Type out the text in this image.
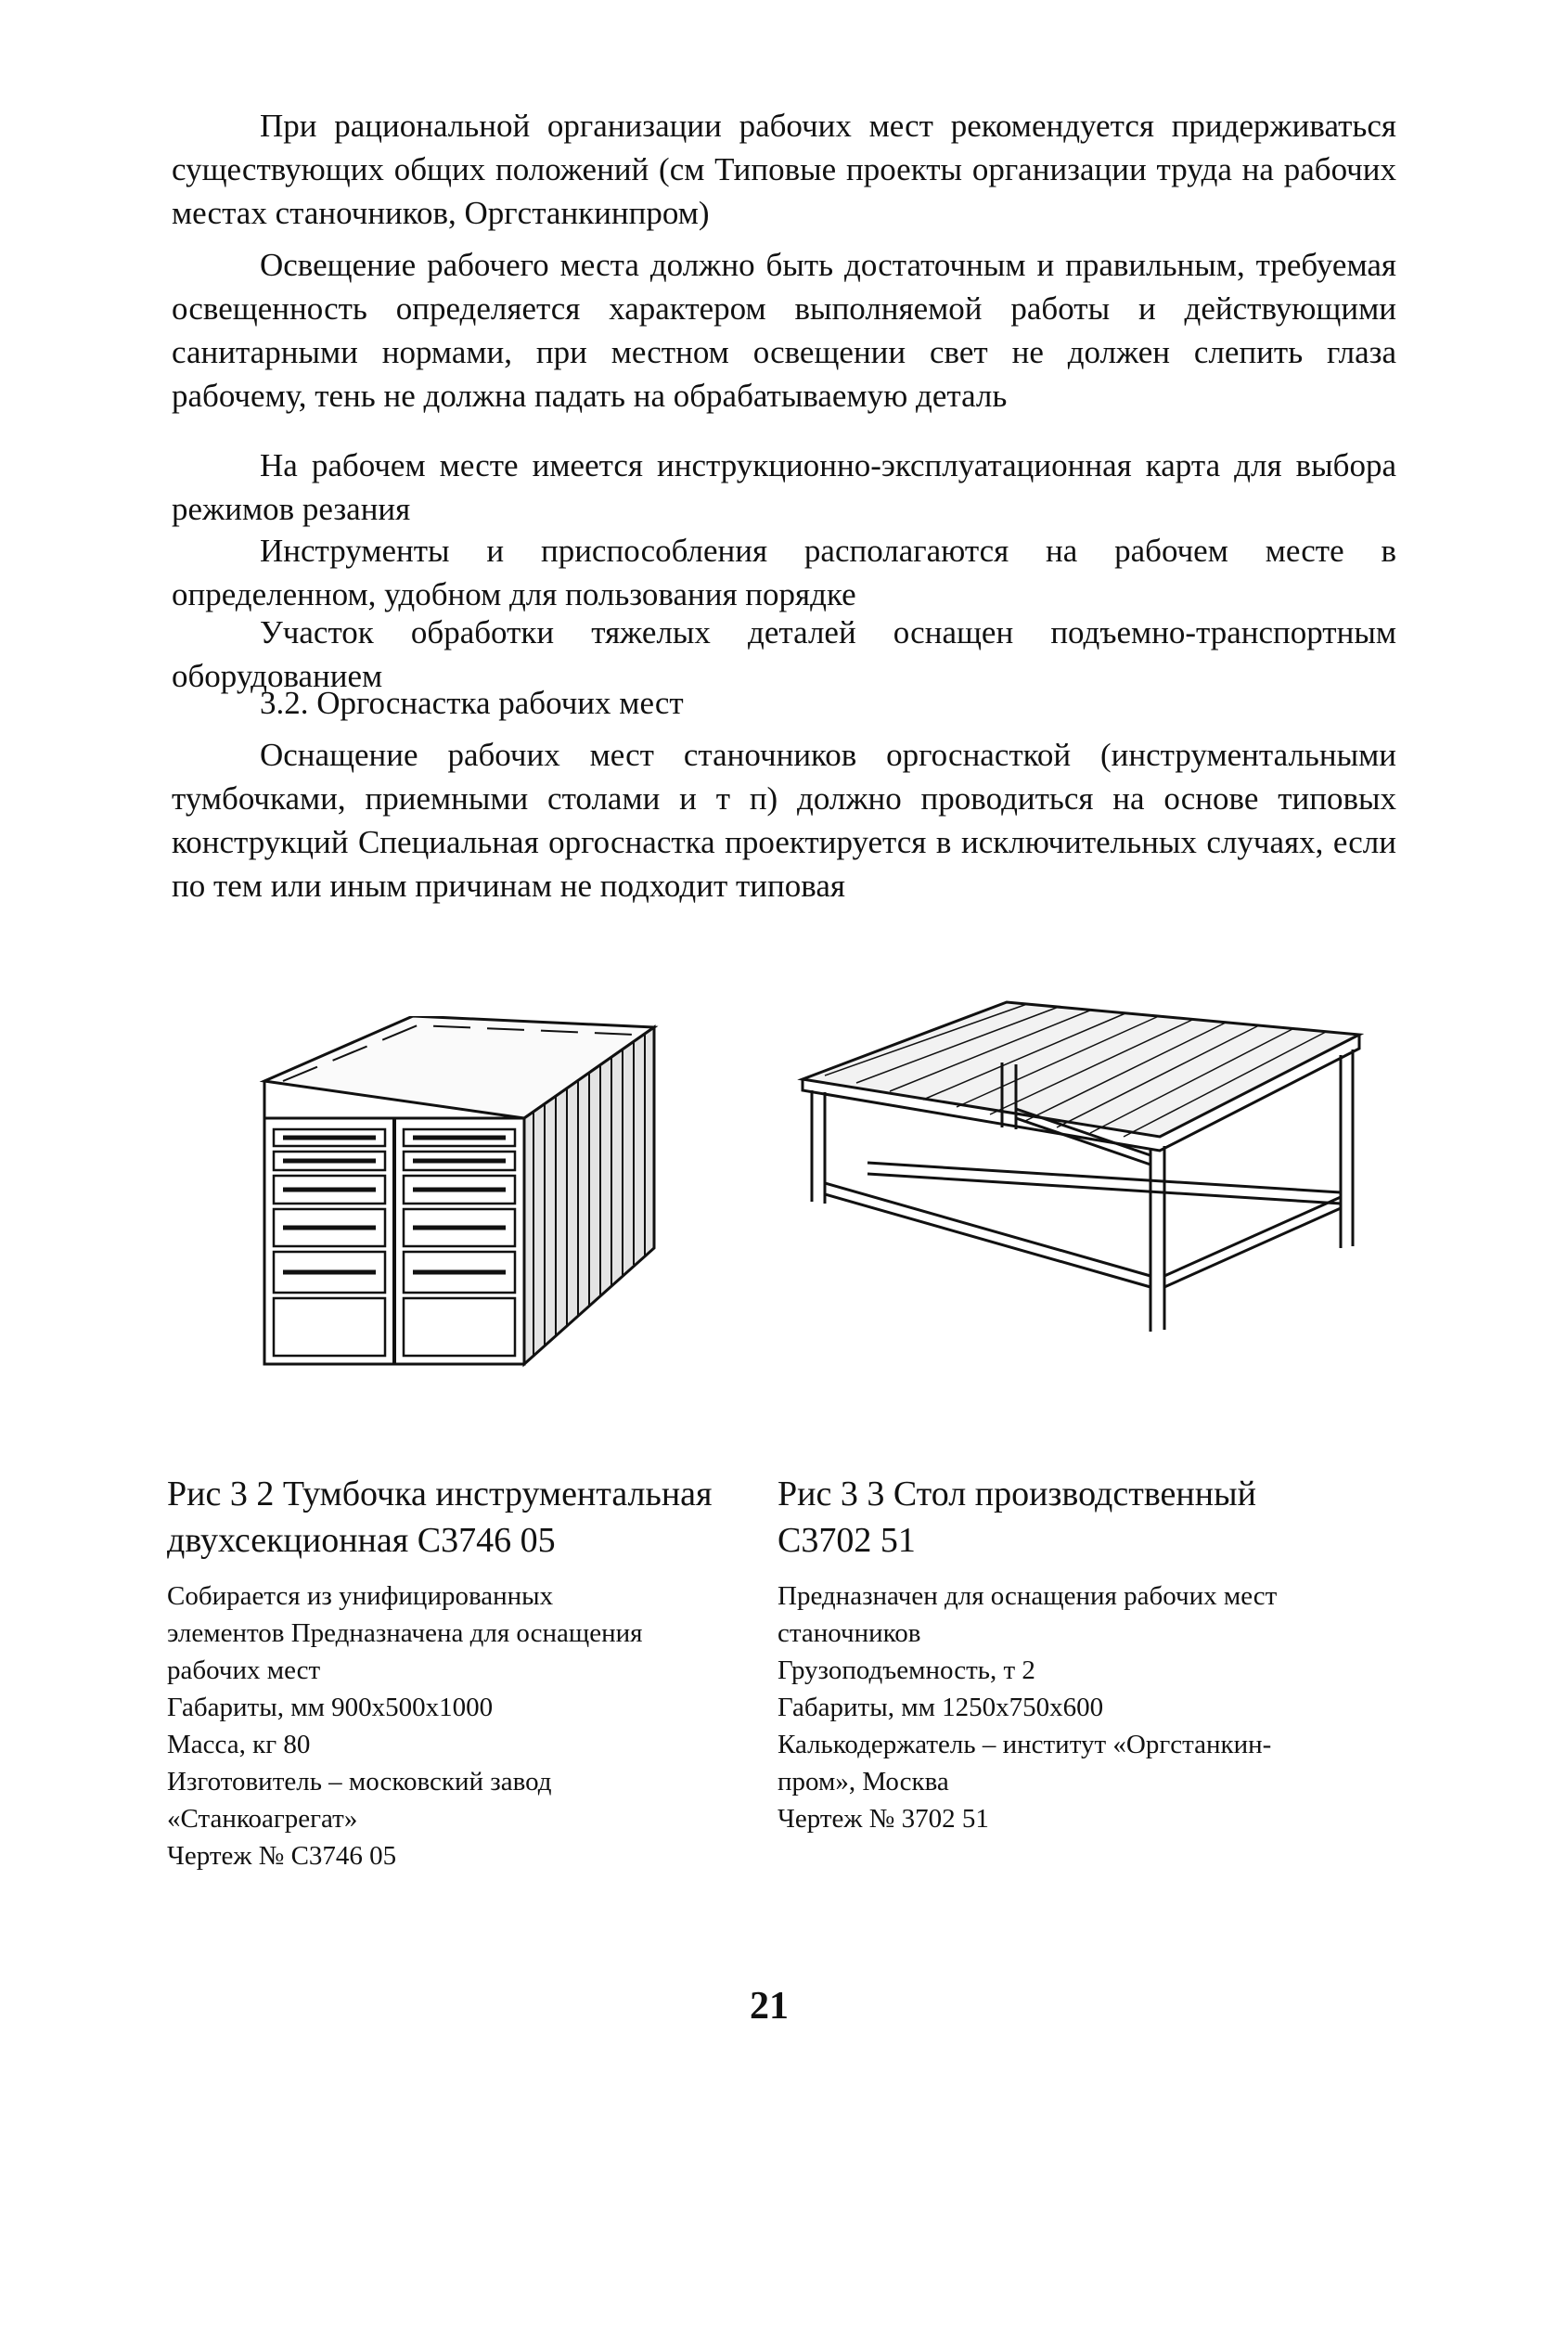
При рациональной организации рабочих мест рекомендуется придерживаться существующих общих положений (см Типовые проекты организации труда на рабочих местах станочников, Оргстанкинпром)

Освещение рабочего места должно быть достаточным и правильным, требуемая освещенность определяется характером выполняемой работы и действующими санитарными нормами, при местном освещении свет не должен слепить глаза рабочему, тень не должна падать на обрабатываемую деталь

На рабочем месте имеется инструкционно-эксплуатационная карта для выбора режимов резания

Инструменты и приспособления располагаются на рабочем месте в определенном, удобном для пользования порядке

Участок обработки тяжелых деталей оснащен подъемно-транспортным оборудованием

3.2. Оргоснастка рабочих мест

Оснащение рабочих мест станочников оргоснасткой (инструментальными тумбочками, приемными столами и т п) должно проводиться на основе типовых конструкций Специальная оргоснастка проектируется в исключительных случаях, если по тем или иным причинам не подходит типовая

Рис 3 2 Тумбочка инструментальная
двухсекционная С3746 05
Рис 3 3 Стол производственный
С3702 51
Собирается из унифицированных
элементов Предназначена для оснащения
рабочих мест
Габариты, мм 900x500x1000
Масса, кг 80
Изготовитель – московский завод
«Станкоагрегат»
Чертеж № С3746 05
Предназначен для оснащения рабочих мест
станочников
Грузоподъемность, т 2
Габариты, мм 1250x750x600
Калькодержатель – институт «Оргстанкин-
пром», Москва
Чертеж № 3702 51
21
